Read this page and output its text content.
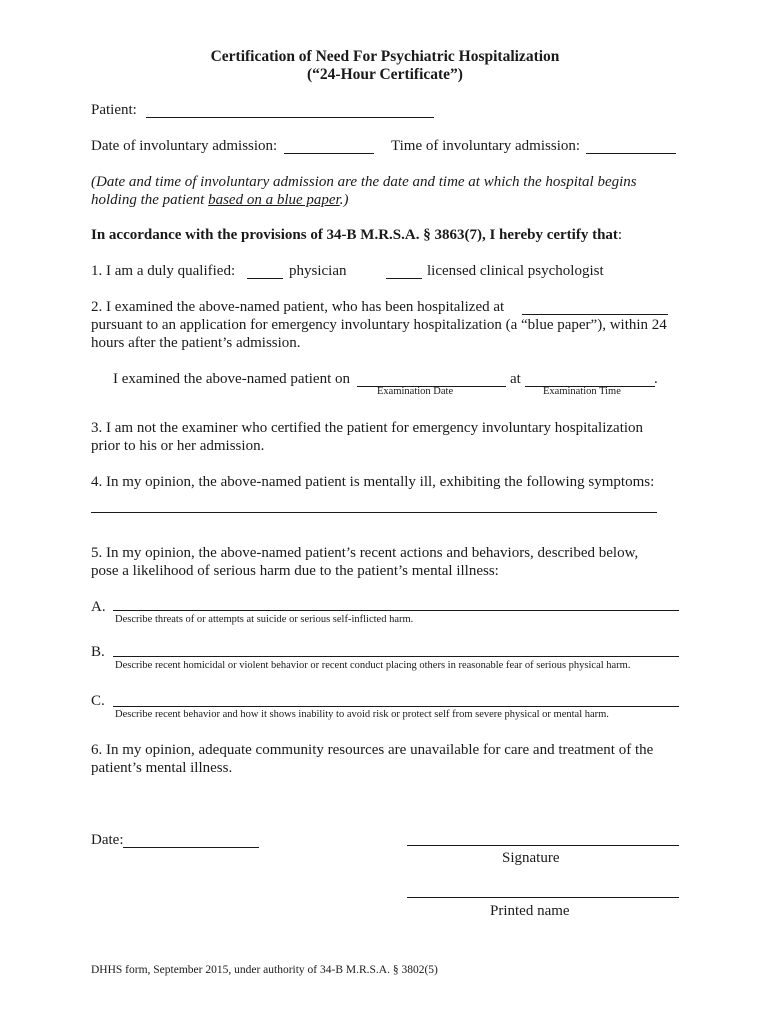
Certification of Need For Psychiatric Hospitalization
(“24-Hour Certificate”)
Patient:
Date of involuntary admission:	Time of involuntary admission:
(Date and time of involuntary admission are the date and time at which the hospital begins
holding the patient based on a blue paper.)
In accordance with the provisions of 34-B M.R.S.A. § 3863(7), I hereby certify that:
1. I am a duly qualified:	physician	licensed clinical psychologist
2. I examined the above-named patient, who has been hospitalized at
pursuant to an application for emergency involuntary hospitalization (a “blue paper”), within 24
hours after the patient’s admission.
I examined the above-named patient on	at	.
Examination Date	Examination Time
3. I am not the examiner who certified the patient for emergency involuntary hospitalization
prior to his or her admission.
4. In my opinion, the above-named patient is mentally ill, exhibiting the following symptoms:
5. In my opinion, the above-named patient’s recent actions and behaviors, described below,
pose a likelihood of serious harm due to the patient’s mental illness:
A.
Describe threats of or attempts at suicide or serious self-inflicted harm.
B.
Describe recent homicidal or violent behavior or recent conduct placing others in reasonable fear of serious physical harm.
C.
Describe recent behavior and how it shows inability to avoid risk or protect self from severe physical or mental harm.
6. In my opinion, adequate community resources are unavailable for care and treatment of the
patient’s mental illness.
Date:
Signature
Printed name
DHHS form, September 2015, under authority of 34-B M.R.S.A. § 3802(5)
